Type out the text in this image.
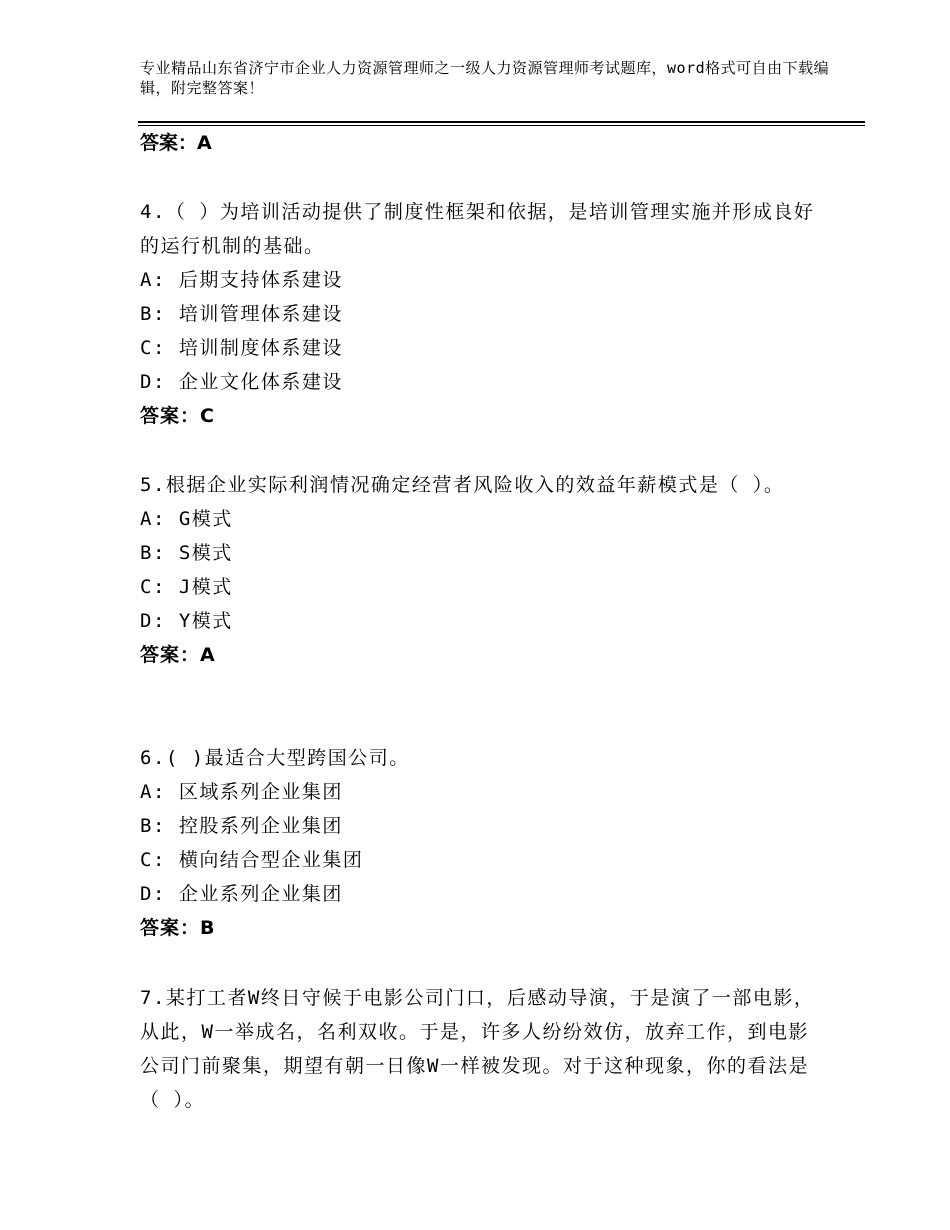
专业精品山东省济宁市企业人力资源管理师之一级人力资源管理师考试题库，word格式可自由下载编辑，附完整答案！
答案：A
4.（ ）为培训活动提供了制度性框架和依据，是培训管理实施并形成良好的运行机制的基础。
A: 后期支持体系建设
B: 培训管理体系建设
C: 培训制度体系建设
D: 企业文化体系建设
答案：C
5.根据企业实际利润情况确定经营者风险收入的效益年薪模式是（ ）。
A: G模式
B: S模式
C: J模式
D: Y模式
答案：A
6.( )最适合大型跨国公司。
A: 区域系列企业集团
B: 控股系列企业集团
C: 横向结合型企业集团
D: 企业系列企业集团
答案：B
7.某打工者W终日守候于电影公司门口，后感动导演，于是演了一部电影，从此，W一举成名，名利双收。于是，许多人纷纷效仿，放弃工作，到电影公司门前聚集，期望有朝一日像W一样被发现。对于这种现象，你的看法是（ ）。
